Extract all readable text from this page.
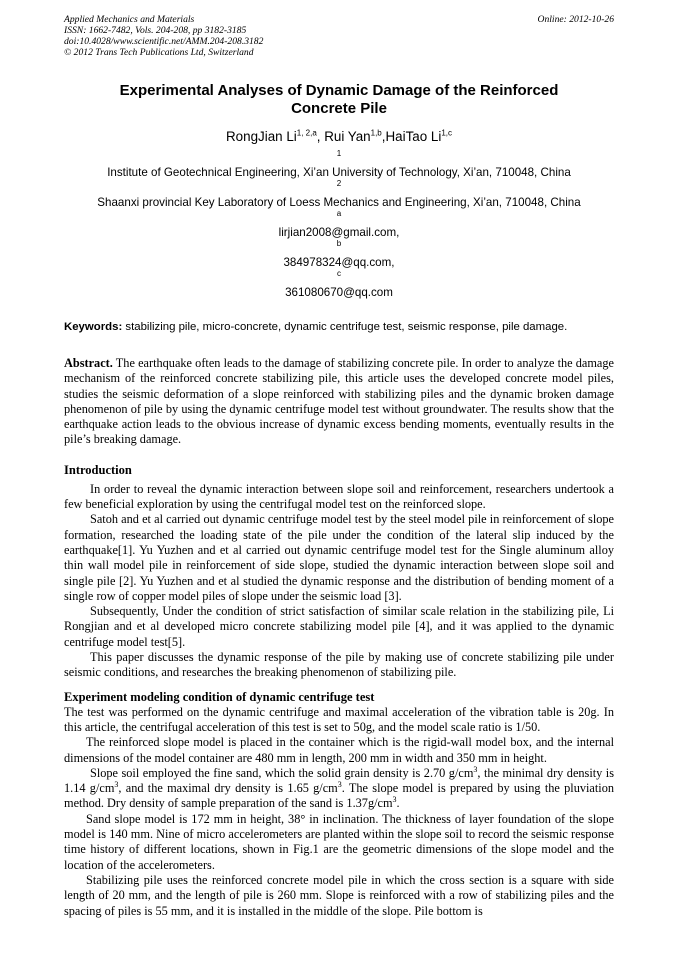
Applied Mechanics and Materials
ISSN: 1662-7482, Vols. 204-208, pp 3182-3185
doi:10.4028/www.scientific.net/AMM.204-208.3182
© 2012 Trans Tech Publications Ltd, Switzerland
Online: 2012-10-26
Experimental Analyses of Dynamic Damage of the Reinforced
Concrete Pile
RongJian Li$^{1, 2,a}$, Rui Yan$^{1,b}$,HaiTao Li$^{1,c}$
$^1$
Institute of Geotechnical Engineering, Xi’an University of Technology, Xi’an, 710048, China
$^2$
Shaanxi provincial Key Laboratory of Loess Mechanics and Engineering, Xi’an, 710048, China
$^a$
lirjian2008@gmail.com,
$^b$
384978324@qq.com,
$^c$
361080670@qq.com
Keywords: stabilizing pile, micro-concrete, dynamic centrifuge test, seismic response, pile damage.

Abstract. The earthquake often leads to the damage of stabilizing concrete pile. In order to analyze the damage mechanism of the reinforced concrete stabilizing pile, this article uses the developed concrete model piles, studies the seismic deformation of a slope reinforced with stabilizing piles and the dynamic broken damage phenomenon of pile by using the dynamic centrifuge model test without groundwater. The results show that the earthquake action leads to the obvious increase of dynamic excess bending moments, eventually results in the pile’s breaking damage.

Introduction

In order to reveal the dynamic interaction between slope soil and reinforcement, researchers undertook a few beneficial exploration by using the centrifugal model test on the reinforced slope.

Satoh and et al carried out dynamic centrifuge model test by the steel model pile in reinforcement of slope formation, researched the loading state of the pile under the condition of the lateral slip induced by the earthquake[1]. Yu Yuzhen and et al carried out dynamic centrifuge model test for the Single aluminum alloy thin wall model pile in reinforcement of side slope, studied the dynamic interaction between slope soil and single pile [2]. Yu Yuzhen and et al studied the dynamic response and the distribution of bending moment of a single row of copper model piles of slope under the seismic load [3].

Subsequently, Under the condition of strict satisfaction of similar scale relation in the stabilizing pile, Li Rongjian and et al developed micro concrete stabilizing model pile [4], and it was applied to the dynamic centrifuge model test[5].

This paper discusses the dynamic response of the pile by making use of concrete stabilizing pile under seismic conditions, and researches the breaking phenomenon of stabilizing pile.

Experiment modeling condition of dynamic centrifuge test

The test was performed on the dynamic centrifuge and maximal acceleration of the vibration table is 20g. In this article, the centrifugal acceleration of this test is set to 50g, and the model scale ratio is 1/50.

The reinforced slope model is placed in the container which is the rigid-wall model box, and the internal dimensions of the model container are 480 mm in length, 200 mm in width and 350 mm in height.

Slope soil employed the fine sand, which the solid grain density is 2.70 $g/cm^3$, the minimal dry density is 1.14 $g/cm^3$, and the maximal dry density is 1.65 $g/cm^3$. The slope model is prepared by using the pluviation method. Dry density of sample preparation of the sand is $1.37g/cm^3$.

Sand slope model is 172 mm in height, 38° in inclination. The thickness of layer foundation of the slope model is 140 mm. Nine of micro accelerometers are planted within the slope soil to record the seismic response time history of different locations, shown in Fig.1 are the geometric dimensions of the slope model and the location of the accelerometers.

Stabilizing pile uses the reinforced concrete model pile in which the cross section is a square with side length of 20 mm, and the length of pile is 260 mm. Slope is reinforced with a row of stabilizing piles and the spacing of piles is 55 mm, and it is installed in the middle of the slope. Pile bottom is
